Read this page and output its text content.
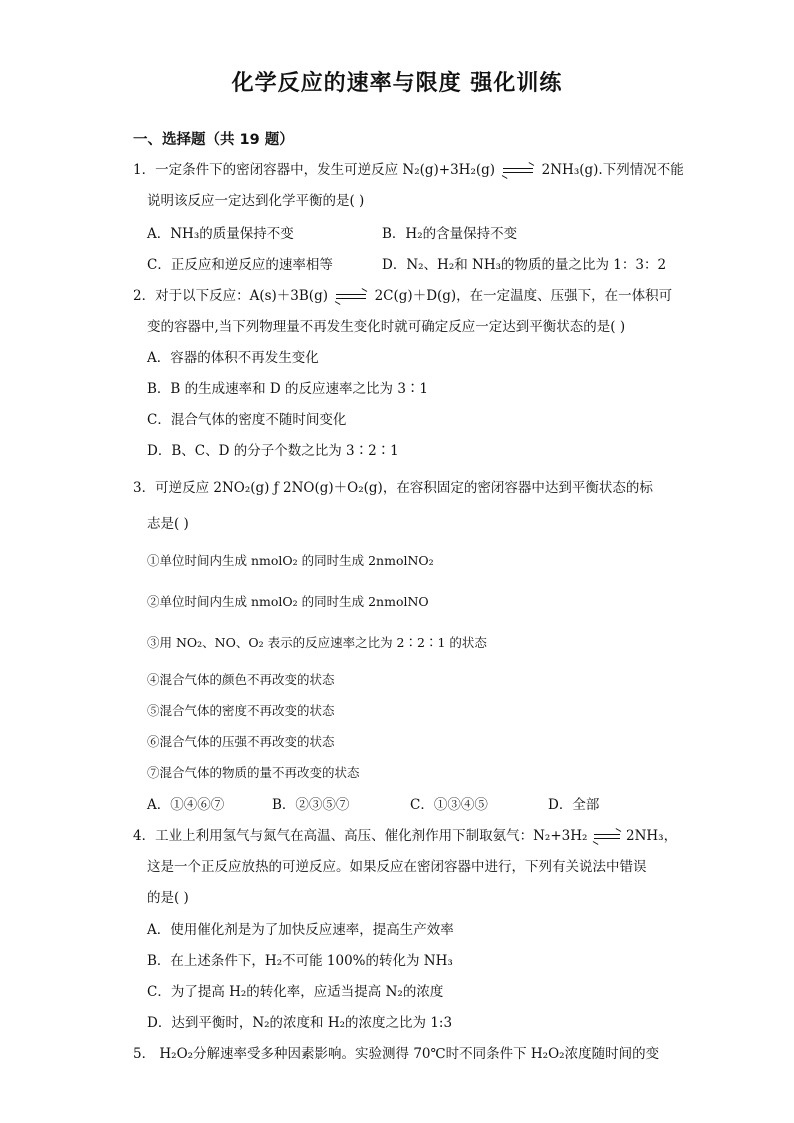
化学反应的速率与限度 强化训练
一、选择题（共 19 题）
1．一定条件下的密闭容器中，发生可逆反应 N₂(g)+3H₂(g)	2NH₃(g).下列情况不能
说明该反应一定达到化学平衡的是( )
A．NH₃的质量保持不变	B．H₂的含量保持不变
C．正反应和逆反应的速率相等	D．N₂、H₂和 NH₃的物质的量之比为 1：3：2
2．对于以下反应：A(s)＋3B(g)	2C(g)＋D(g)，在一定温度、压强下，在一体积可
变的容器中,当下列物理量不再发生变化时就可确定反应一定达到平衡状态的是( )
A．容器的体积不再发生变化
B．B 的生成速率和 D 的反应速率之比为 3∶1
C．混合气体的密度不随时间变化
D．B、C、D 的分子个数之比为 3∶2∶1
3．可逆反应 2NO₂(g) ƒ 2NO(g)＋O₂(g)，在容积固定的密闭容器中达到平衡状态的标
志是( )
①单位时间内生成 nmolO₂ 的同时生成 2nmolNO₂
②单位时间内生成 nmolO₂ 的同时生成 2nmolNO
③用 NO₂、NO、O₂ 表示的反应速率之比为 2∶2∶1 的状态
④混合气体的颜色不再改变的状态
⑤混合气体的密度不再改变的状态
⑥混合气体的压强不再改变的状态
⑦混合气体的物质的量不再改变的状态
A．①④⑥⑦	B．②③⑤⑦	C．①③④⑤	D．全部
4．工业上利用氢气与氮气在高温、高压、催化剂作用下制取氨气：N₂+3H₂	2NH₃，
这是一个正反应放热的可逆反应。如果反应在密闭容器中进行，下列有关说法中错误
的是( )
A．使用催化剂是为了加快反应速率，提高生产效率
B．在上述条件下，H₂不可能 100%的转化为 NH₃
C．为了提高 H₂的转化率，应适当提高 N₂的浓度
D．达到平衡时，N₂的浓度和 H₂的浓度之比为 1:3
5． H₂O₂分解速率受多种因素影响。实验测得 70℃时不同条件下 H₂O₂浓度随时间的变
